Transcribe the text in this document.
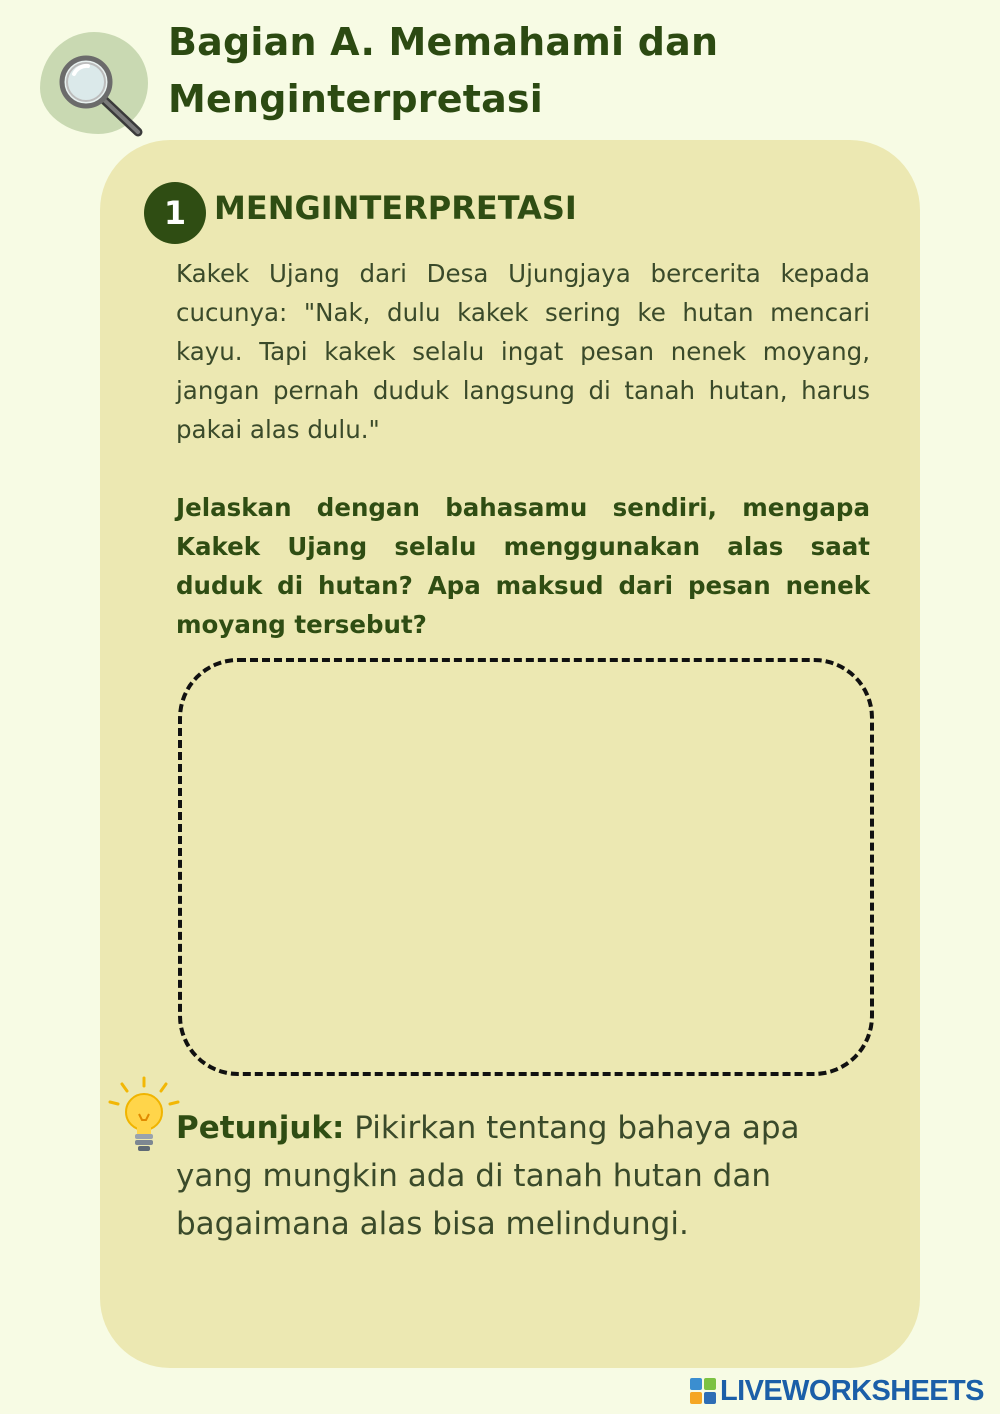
Bagian A. Memahami dan Menginterpretasi
1 MENGINTERPRETASI

Kakek Ujang dari Desa Ujungjaya bercerita kepada cucunya: "Nak, dulu kakek sering ke hutan mencari kayu. Tapi kakek selalu ingat pesan nenek moyang, jangan pernah duduk langsung di tanah hutan, harus pakai alas dulu."

Jelaskan dengan bahasamu sendiri, mengapa Kakek Ujang selalu menggunakan alas saat duduk di hutan? Apa maksud dari pesan nenek moyang tersebut?

Petunjuk: Pikirkan tentang bahaya apa yang mungkin ada di tanah hutan dan bagaimana alas bisa melindungi.

LIVEWORKSHEETS
